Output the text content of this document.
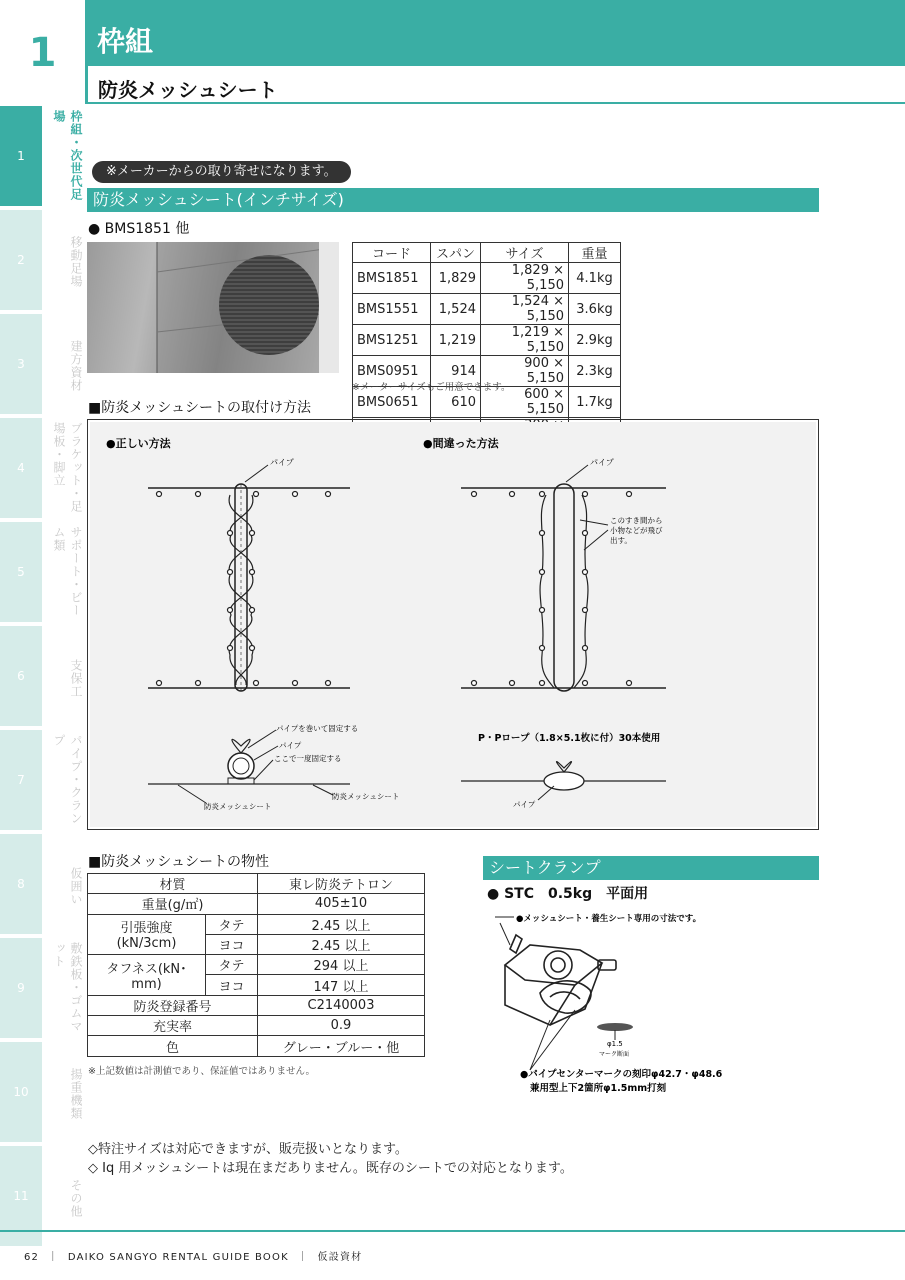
1	枠組
防炎メッシュシート
1	枠組・次世代足場
2	移動足場
3	建方資材
4	ブラケット・足場板・脚立
5	サポート・ビーム類
6	支保工
7	パイプ・クランプ
8	仮囲い
9	敷鉄板・ゴムマット
10	揚重機類
11	その他
※メーカーからの取り寄せになります。
防炎メッシュシート(インチサイズ)
● BMS1851 他
コード	スパン	サイズ	重量
BMS1851	1,829	1,829 × 5,150	4.1kg
BMS1551	1,524	1,524 × 5,150	3.6kg
BMS1251	1,219	1,219 × 5,150	2.9kg
BMS0951	914	900 × 5,150	2.3kg
BMS0651	610	600 × 5,150	1.7kg

※メーターサイズもご用意できます。
■防炎メッシュシートの取付け方法
●正しい方法	●間違った方法
パイプ	パイプ
このすき間から
小物などが飛び
出す。
パイプを巻いて固定する
パイプ
ここで一度固定する
防炎メッシュシート
防炎メッシュシート
P・Pロープ（1.8×5.1枚に付）30本使用
パイプ
■防炎メッシュシートの物性
材質		東レ防炎テトロン
重量(g/㎡)		405±10
引張強度(kN/3cm)	タテ	2.45 以上
	ヨコ	2.45 以上
タフネス(kN･mm)	タテ	294 以上
	ヨコ	147 以上
防炎登録番号		C2140003
充実率		0.9
色		グレー・ブルー・他
※上記数値は計測値であり、保証値ではありません。
シートクランプ
● STC　0.5kg　平面用
●メッシュシート・養生シート専用の寸法です。
φ1.5
マーク断面
●パイプセンターマークの刻印φ42.7・φ48.6
兼用型上下2箇所φ1.5mm打刻
◇特注サイズは対応できますが、販売扱いとなります。
◇ Iq 用メッシュシートは現在まだありません。既存のシートでの対応となります。
62 ｜ DAIKO SANGYO RENTAL GUIDE BOOK ｜ 仮設資材
